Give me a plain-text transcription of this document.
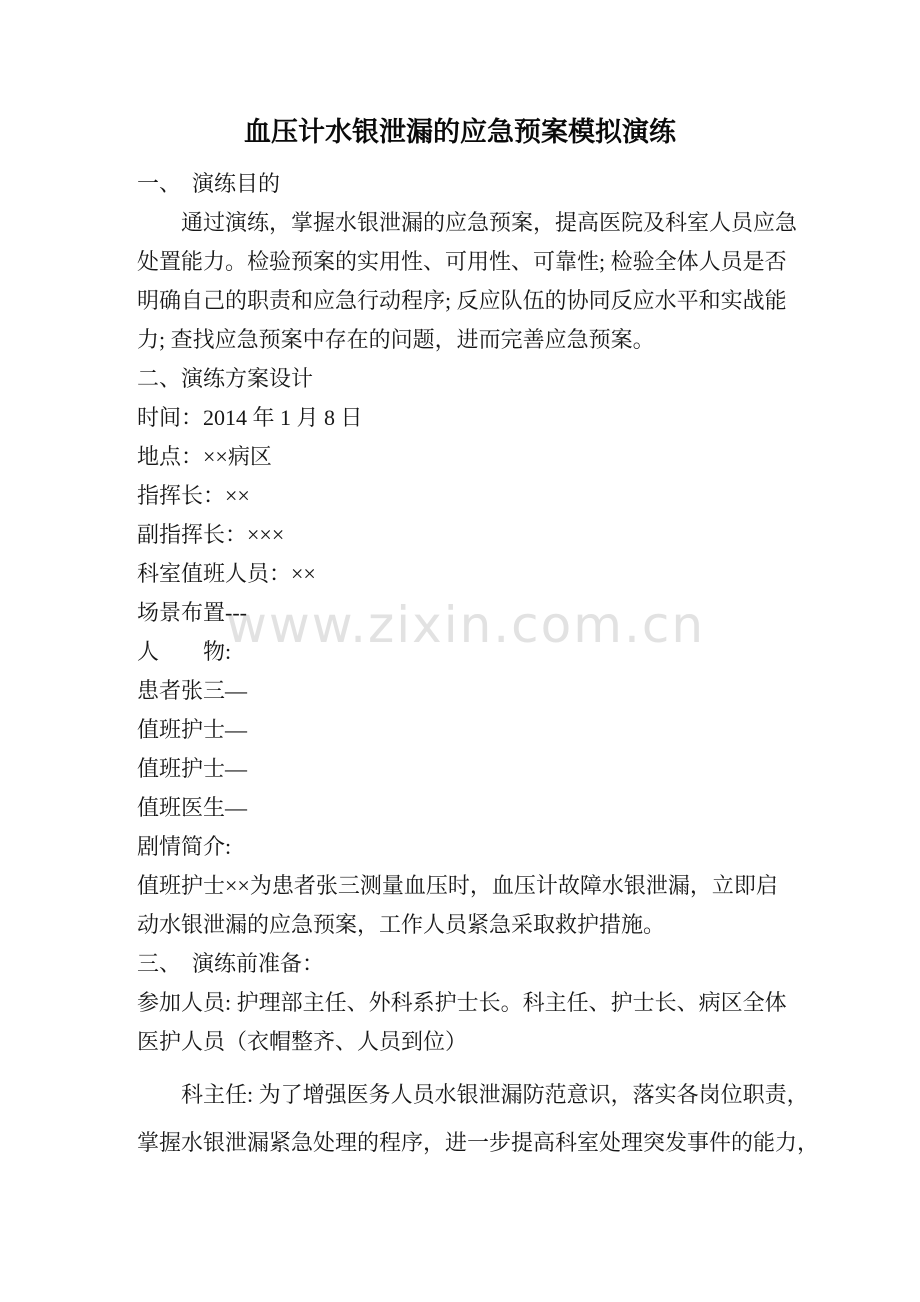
www.zixin.com.cn
血压计水银泄漏的应急预案模拟演练
一、　演练目的
通过演练，掌握水银泄漏的应急预案，提高医院及科室人员应急
处置能力。检验预案的实用性、可用性、可靠性; 检验全体人员是否
明确自己的职责和应急行动程序; 反应队伍的协同反应水平和实战能
力; 查找应急预案中存在的问题，进而完善应急预案。
二、演练方案设计
时间：2014 年 1 月 8 日
地点：××病区
指挥长：××
副指挥长：×××
科室值班人员：××
场景布置---
人　　物:
患者张三—
值班护士—
值班护士—
值班医生—
剧情简介:
值班护士××为患者张三测量血压时，血压计故障水银泄漏，立即启
动水银泄漏的应急预案，工作人员紧急采取救护措施。
三、　演练前准备：
参加人员: 护理部主任、外科系护士长。科主任、护士长、病区全体
医护人员（衣帽整齐、人员到位）
科主任: 为了增强医务人员水银泄漏防范意识，落实各岗位职责，
掌握水银泄漏紧急处理的程序，进一步提高科室处理突发事件的能力，
